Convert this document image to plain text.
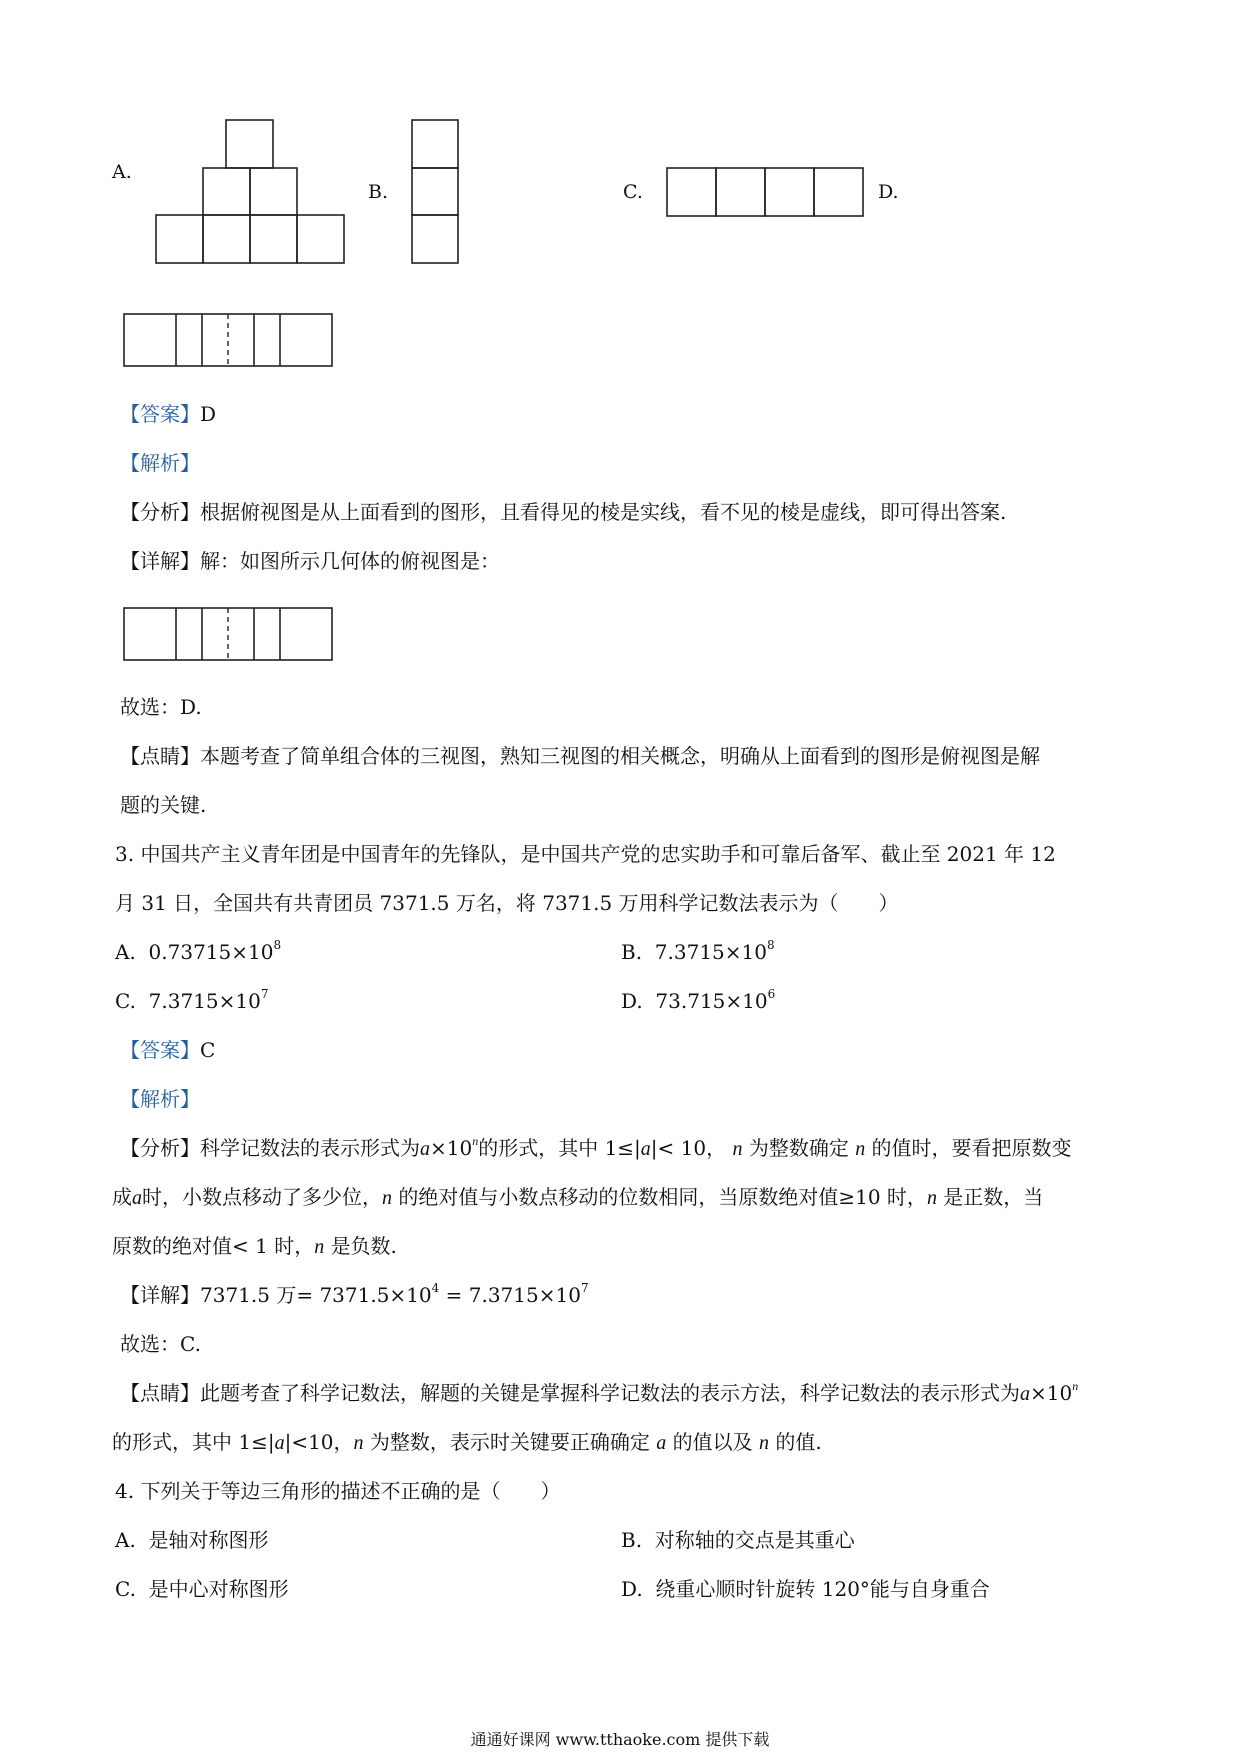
A.
B.	C.	D.
【答案】D
【解析】
【分析】根据俯视图是从上面看到的图形，且看得见的棱是实线，看不见的棱是虚线，即可得出答案.
【详解】解：如图所示几何体的俯视图是：
故选：D.
【点睛】本题考查了简单组合体的三视图，熟知三视图的相关概念，明确从上面看到的图形是俯视图是解
题的关键.
3. 中国共产主义青年团是中国青年的先锋队，是中国共产党的忠实助手和可靠后备军、截止至 2021 年 12
月 31 日，全国共有共青团员 7371.5 万名，将 7371.5 万用科学记数法表示为（　　）
A. $0.73715\times 10^8$	B. $7.3715\times 10^8$
C. $7.3715\times 10^7$	D. $73.715\times 10^6$
【答案】C
【解析】
【分析】科学记数法的表示形式为$a\times 10^n$的形式，其中 1≤|a|< 10， n 为整数确定 n 的值时，要看把原数变
成a时，小数点移动了多少位，n 的绝对值与小数点移动的位数相同，当原数绝对值≥10 时，n 是正数，当
原数的绝对值< 1 时，n 是负数.
【详解】7371.5 万= $7371.5\times 10^4 = 7.3715\times 10^7$
故选：C.
【点睛】此题考查了科学记数法，解题的关键是掌握科学记数法的表示方法，科学记数法的表示形式为$a\times 10^n$
的形式，其中 1≤|a|<10，n 为整数，表示时关键要正确确定 a 的值以及 n 的值.
4. 下列关于等边三角形的描述不正确的是（　　）
A. 是轴对称图形	B. 对称轴的交点是其重心
C. 是中心对称图形	D. 绕重心顺时针旋转 120°能与自身重合
通通好课网 www.tthaoke.com 提供下载
